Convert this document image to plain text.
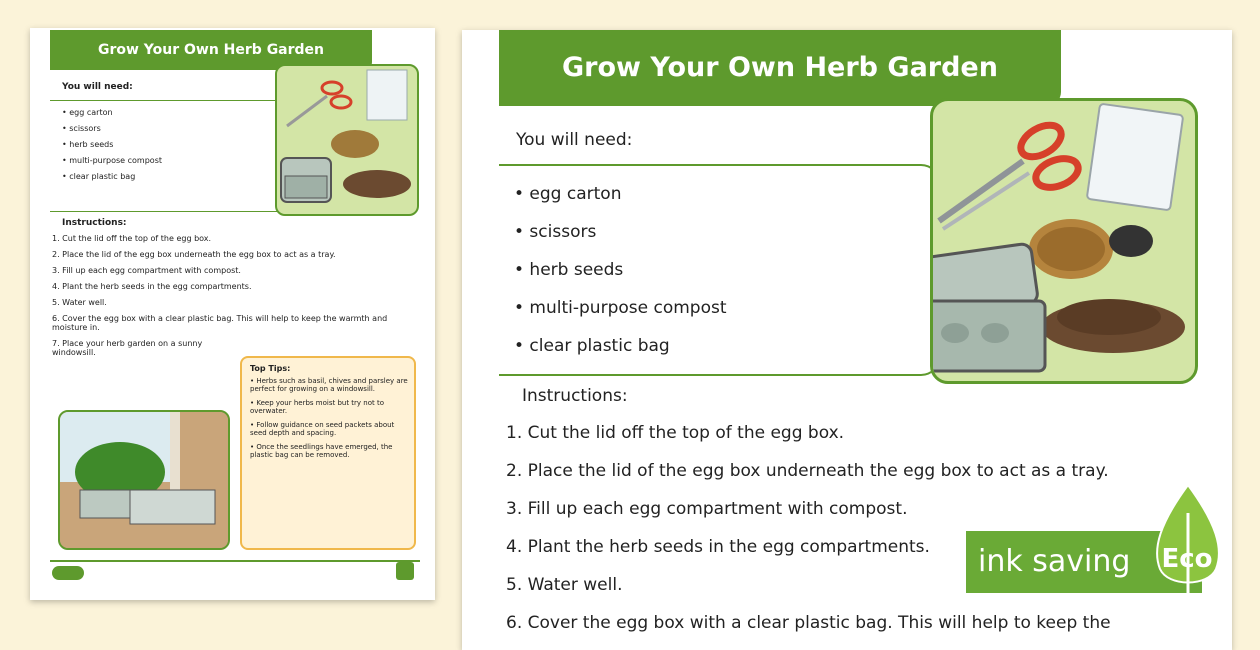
Grow Your Own Herb Garden
You will need:
• egg carton
• scissors
• herb seeds
• multi-purpose compost
• clear plastic bag
Instructions:
1. Cut the lid off the top of the egg box.
2. Place the lid of the egg box underneath the egg box to act as a tray.
3. Fill up each egg compartment with compost.
4. Plant the herb seeds in the egg compartments.
5. Water well.
6. Cover the egg box with a clear plastic bag. This will help to keep the warmth and moisture in.
7. Place your herb garden on a sunny windowsill.
Top Tips:
• Herbs such as basil, chives and parsley are perfect for growing on a windowsill.
• Keep your herbs moist but try not to overwater.
• Follow guidance on seed packets about seed depth and spacing.
• Once the seedlings have emerged, the plastic bag can be removed.
Grow Your Own Herb Garden
You will need:
• egg carton
• scissors
• herb seeds
• multi-purpose compost
• clear plastic bag
Instructions:
1. Cut the lid off the top of the egg box.
2. Place the lid of the egg box underneath the egg box to act as a tray.
3. Fill up each egg compartment with compost.
4. Plant the herb seeds in the egg compartments.
5. Water well.
6. Cover the egg box with a clear plastic bag. This will help to keep the
ink saving Eco
